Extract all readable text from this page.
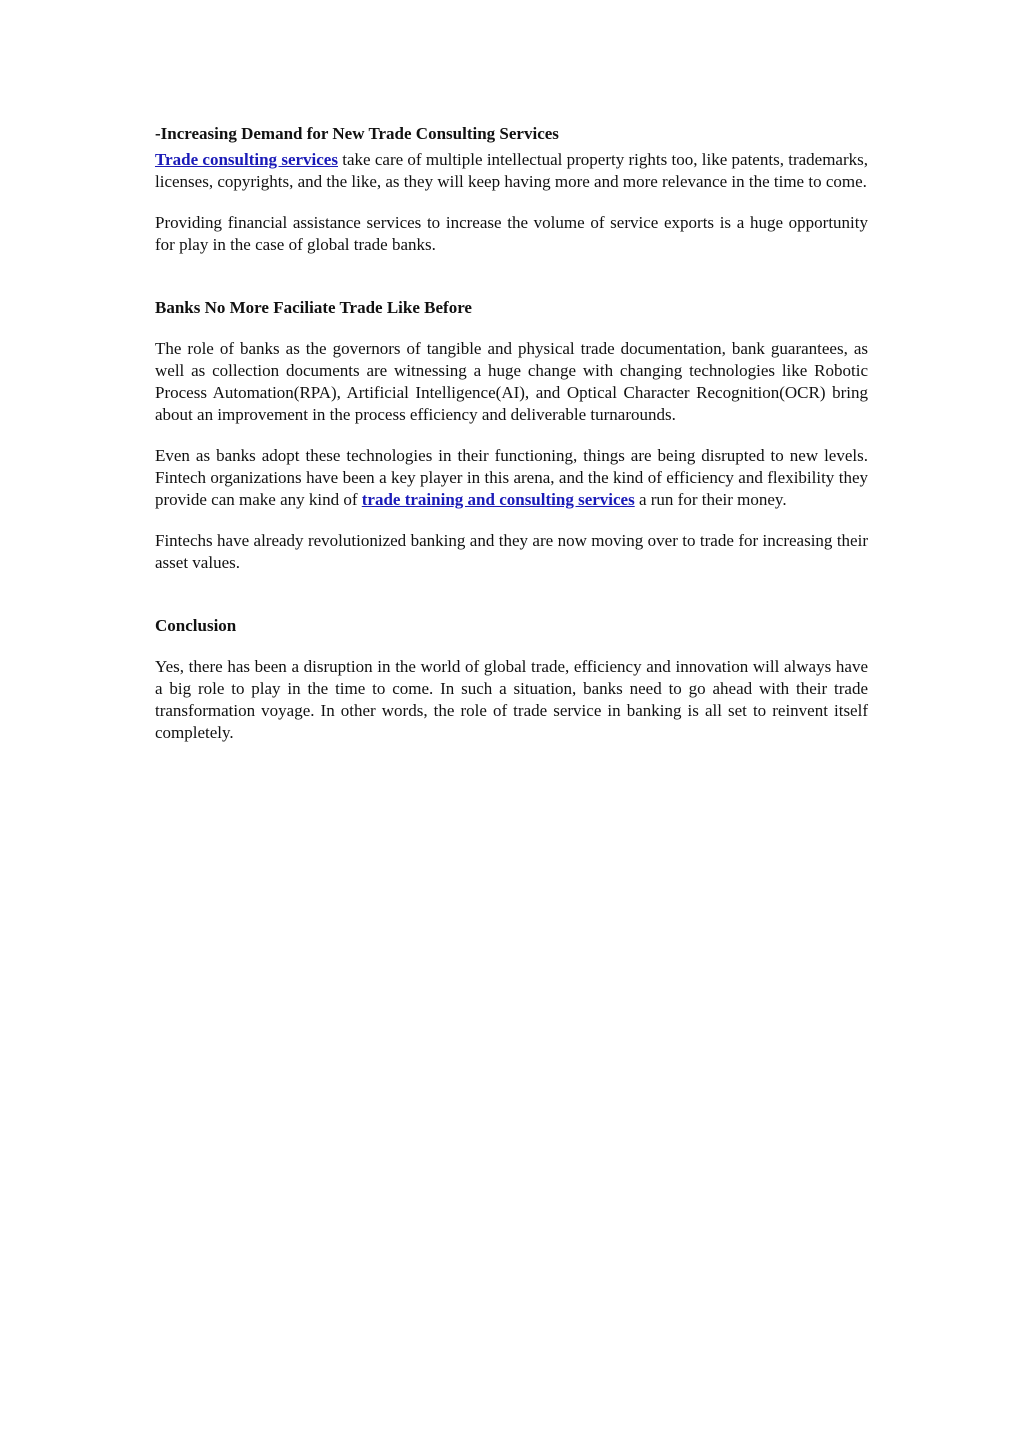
-Increasing Demand for New Trade Consulting Services

Trade consulting services take care of multiple intellectual property rights too, like patents, trademarks, licenses, copyrights, and the like, as they will keep having more and more relevance in the time to come.

Providing financial assistance services to increase the volume of service exports is a huge opportunity for play in the case of global trade banks.

Banks No More Faciliate Trade Like Before

The role of banks as the governors of tangible and physical trade documentation, bank guarantees, as well as collection documents are witnessing a huge change with changing technologies like Robotic Process Automation(RPA), Artificial Intelligence(AI), and Optical Character Recognition(OCR) bring about an improvement in the process efficiency and deliverable turnarounds.

Even as banks adopt these technologies in their functioning, things are being disrupted to new levels. Fintech organizations have been a key player in this arena, and the kind of efficiency and flexibility they provide can make any kind of trade training and consulting services a run for their money.

Fintechs have already revolutionized banking and they are now moving over to trade for increasing their asset values.

Conclusion

Yes, there has been a disruption in the world of global trade, efficiency and innovation will always have a big role to play in the time to come. In such a situation, banks need to go ahead with their trade transformation voyage. In other words, the role of trade service in banking is all set to reinvent itself completely.
